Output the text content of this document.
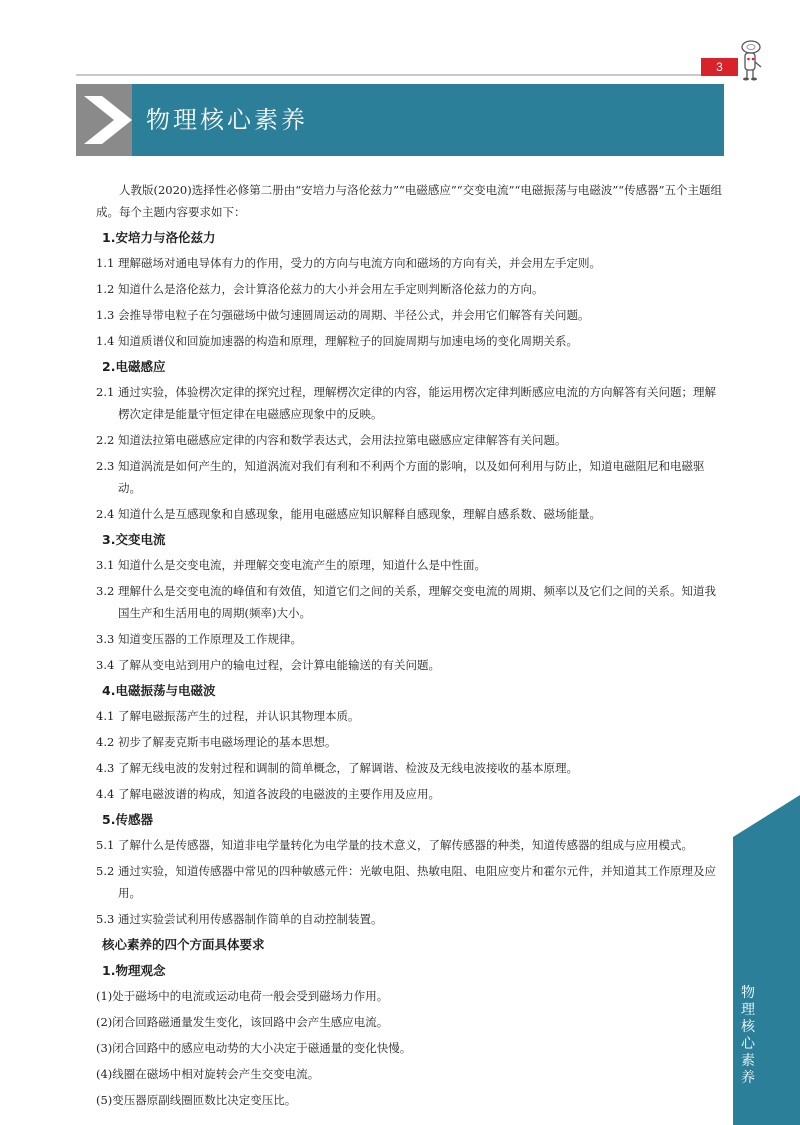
3
物理核心素养
物理核心素养

人教版(2020)选择性必修第二册由“安培力与洛伦兹力”“电磁感应”“交变电流”“电磁振荡与电磁波”“传感器”五个主题组成。每个主题内容要求如下：

1.安培力与洛伦兹力

1.1 理解磁场对通电导体有力的作用，受力的方向与电流方向和磁场的方向有关，并会用左手定则。

1.2 知道什么是洛伦兹力，会计算洛伦兹力的大小并会用左手定则判断洛伦兹力的方向。

1.3 会推导带电粒子在匀强磁场中做匀速圆周运动的周期、半径公式，并会用它们解答有关问题。

1.4 知道质谱仪和回旋加速器的构造和原理，理解粒子的回旋周期与加速电场的变化周期关系。

2.电磁感应

2.1 通过实验，体验楞次定律的探究过程，理解楞次定律的内容，能运用楞次定律判断感应电流的方向解答有关问题；理解楞次定律是能量守恒定律在电磁感应现象中的反映。

2.2 知道法拉第电磁感应定律的内容和数学表达式，会用法拉第电磁感应定律解答有关问题。

2.3 知道涡流是如何产生的，知道涡流对我们有利和不利两个方面的影响，以及如何利用与防止，知道电磁阻尼和电磁驱动。

2.4 知道什么是互感现象和自感现象，能用电磁感应知识解释自感现象，理解自感系数、磁场能量。

3.交变电流

3.1 知道什么是交变电流，并理解交变电流产生的原理，知道什么是中性面。

3.2 理解什么是交变电流的峰值和有效值，知道它们之间的关系，理解交变电流的周期、频率以及它们之间的关系。知道我国生产和生活用电的周期(频率)大小。

3.3 知道变压器的工作原理及工作规律。

3.4 了解从变电站到用户的输电过程，会计算电能输送的有关问题。

4.电磁振荡与电磁波

4.1 了解电磁振荡产生的过程，并认识其物理本质。

4.2 初步了解麦克斯韦电磁场理论的基本思想。

4.3 了解无线电波的发射过程和调制的简单概念，了解调谐、检波及无线电波接收的基本原理。

4.4 了解电磁波谱的构成，知道各波段的电磁波的主要作用及应用。

5.传感器

5.1 了解什么是传感器，知道非电学量转化为电学量的技术意义，了解传感器的种类，知道传感器的组成与应用模式。

5.2 通过实验，知道传感器中常见的四种敏感元件：光敏电阻、热敏电阻、电阻应变片和霍尔元件，并知道其工作原理及应用。

5.3 通过实验尝试利用传感器制作简单的自动控制装置。

核心素养的四个方面具体要求
1.物理观念

(1)处于磁场中的电流或运动电荷一般会受到磁场力作用。

(2)闭合回路磁通量发生变化，该回路中会产生感应电流。

(3)闭合回路中的感应电动势的大小决定于磁通量的变化快慢。

(4)线圈在磁场中相对旋转会产生交变电流。

(5)变压器原副线圈匝数比决定变压比。
